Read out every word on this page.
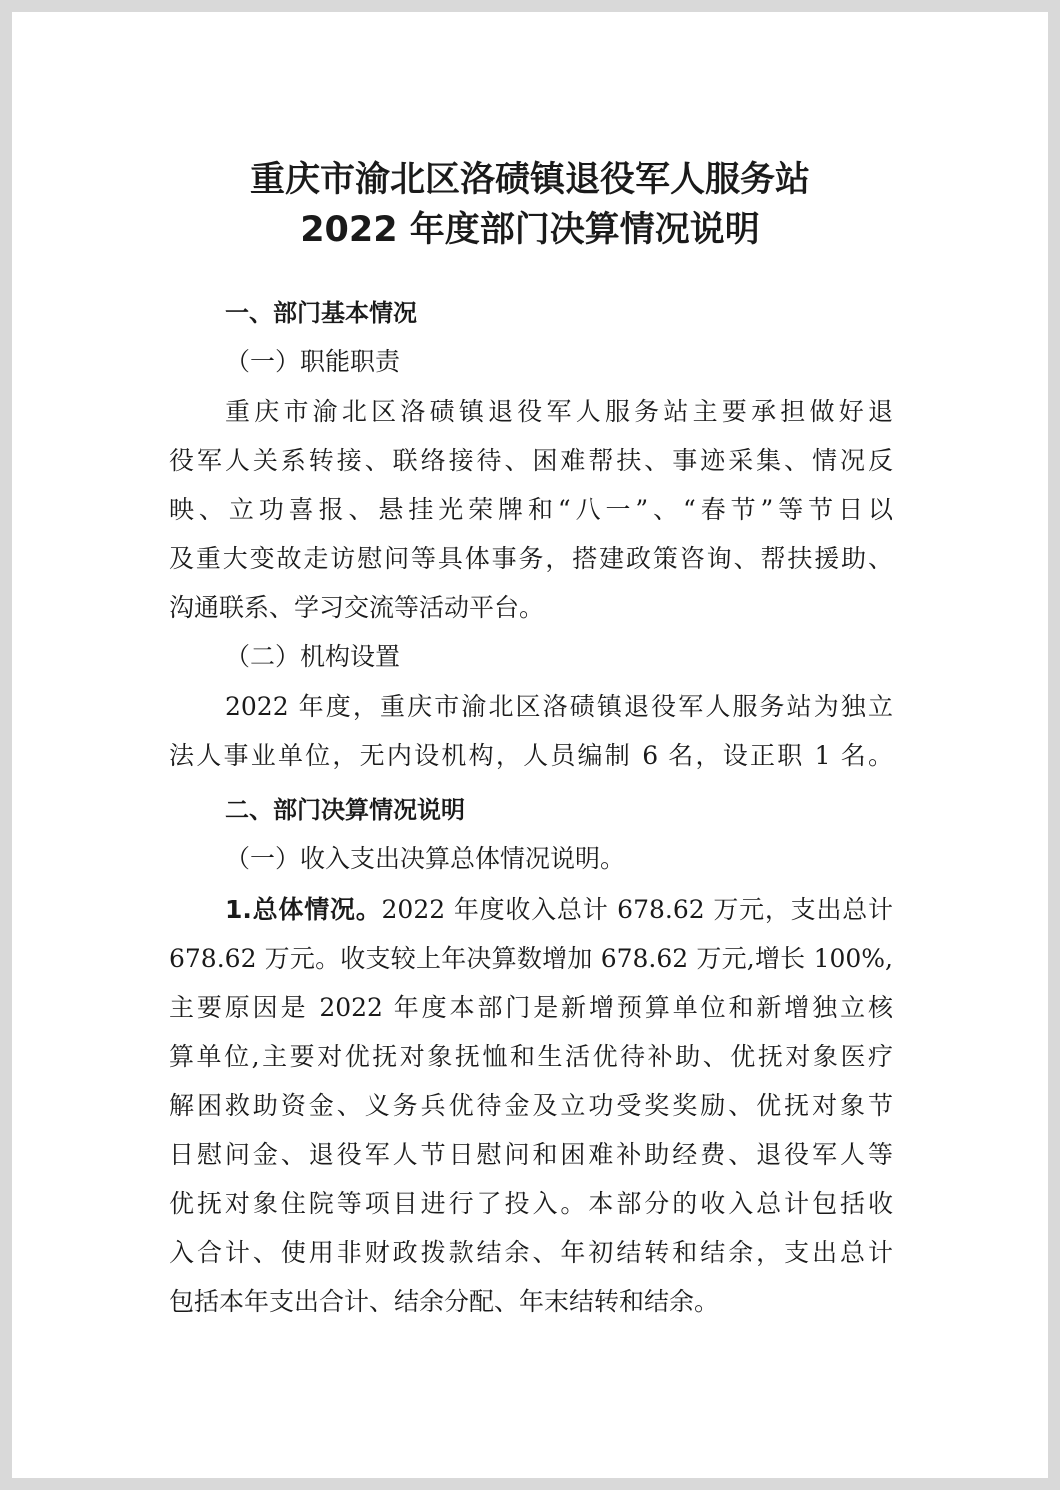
重庆市渝北区洛碛镇退役军人服务站
2022 年度部门决算情况说明
一、部门基本情况
（一）职能职责
重庆市渝北区洛碛镇退役军人服务站主要承担做好退
役军人关系转接、联络接待、困难帮扶、事迹采集、情况反
映、立功喜报、悬挂光荣牌和“八一”、“春节”等节日以
及重大变故走访慰问等具体事务，搭建政策咨询、帮扶援助、
沟通联系、学习交流等活动平台。
（二）机构设置
2022 年度，重庆市渝北区洛碛镇退役军人服务站为独立
法人事业单位，无内设机构，人员编制 6 名，设正职 1 名。
二、部门决算情况说明
（一）收入支出决算总体情况说明。
1.总体情况。2022 年度收入总计 678.62 万元，支出总计
678.62 万元。收支较上年决算数增加 678.62 万元,增长 100%,
主要原因是 2022 年度本部门是新增预算单位和新增独立核
算单位,主要对优抚对象抚恤和生活优待补助、优抚对象医疗
解困救助资金、义务兵优待金及立功受奖奖励、优抚对象节
日慰问金、退役军人节日慰问和困难补助经费、退役军人等
优抚对象住院等项目进行了投入。本部分的收入总计包括收
入合计、使用非财政拨款结余、年初结转和结余，支出总计
包括本年支出合计、结余分配、年末结转和结余。
